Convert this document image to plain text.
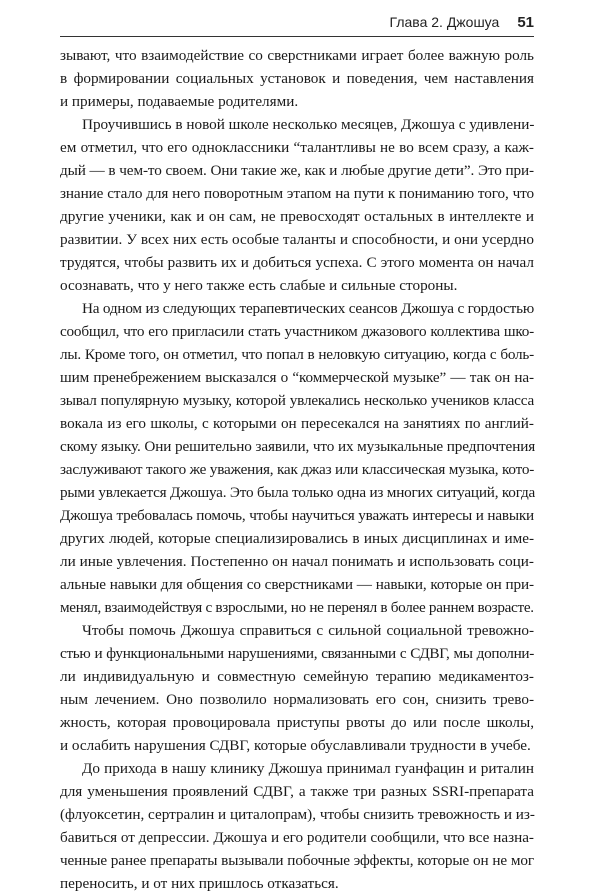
Глава 2. Джошуа 51
зывают, что взаимодействие со сверстниками играет более важную роль
в формировании социальных установок и поведения, чем наставления
и примеры, подаваемые родителями.
Проучившись в новой школе несколько месяцев, Джошуа с удивлени-
ем отметил, что его одноклассники “талантливы не во всем сразу, а каж-
дый — в чем-то своем. Они такие же, как и любые другие дети”. Это при-
знание стало для него поворотным этапом на пути к пониманию того, что
другие ученики, как и он сам, не превосходят остальных в интеллекте и
развитии. У всех них есть особые таланты и способности, и они усердно
трудятся, чтобы развить их и добиться успеха. С этого момента он начал
осознавать, что у него также есть слабые и сильные стороны.
На одном из следующих терапевтических сеансов Джошуа с гордостью
сообщил, что его пригласили стать участником джазового коллектива шко-
лы. Кроме того, он отметил, что попал в неловкую ситуацию, когда с боль-
шим пренебрежением высказался о “коммерческой музыке” — так он на-
зывал популярную музыку, которой увлекались несколько учеников класса
вокала из его школы, с которыми он пересекался на занятиях по англий-
скому языку. Они решительно заявили, что их музыкальные предпочтения
заслуживают такого же уважения, как джаз или классическая музыка, кото-
рыми увлекается Джошуа. Это была только одна из многих ситуаций, когда
Джошуа требовалась помочь, чтобы научиться уважать интересы и навыки
других людей, которые специализировались в иных дисциплинах и име-
ли иные увлечения. Постепенно он начал понимать и использовать соци-
альные навыки для общения со сверстниками — навыки, которые он при-
менял, взаимодействуя с взрослыми, но не перенял в более раннем возрасте.
Чтобы помочь Джошуа справиться с сильной социальной тревожно-
стью и функциональными нарушениями, связанными с СДВГ, мы дополни-
ли индивидуальную и совместную семейную терапию медикаментоз-
ным лечением. Оно позволило нормализовать его сон, снизить трево-
жность, которая провоцировала приступы рвоты до или после школы,
и ослабить нарушения СДВГ, которые обуславливали трудности в учебе.
До прихода в нашу клинику Джошуа принимал гуанфацин и риталин
для уменьшения проявлений СДВГ, а также три разных SSRI-препарата
(флуоксетин, сертралин и циталопрам), чтобы снизить тревожность и из-
бавиться от депрессии. Джошуа и его родители сообщили, что все назна-
ченные ранее препараты вызывали побочные эффекты, которые он не мог
переносить, и от них пришлось отказаться.
